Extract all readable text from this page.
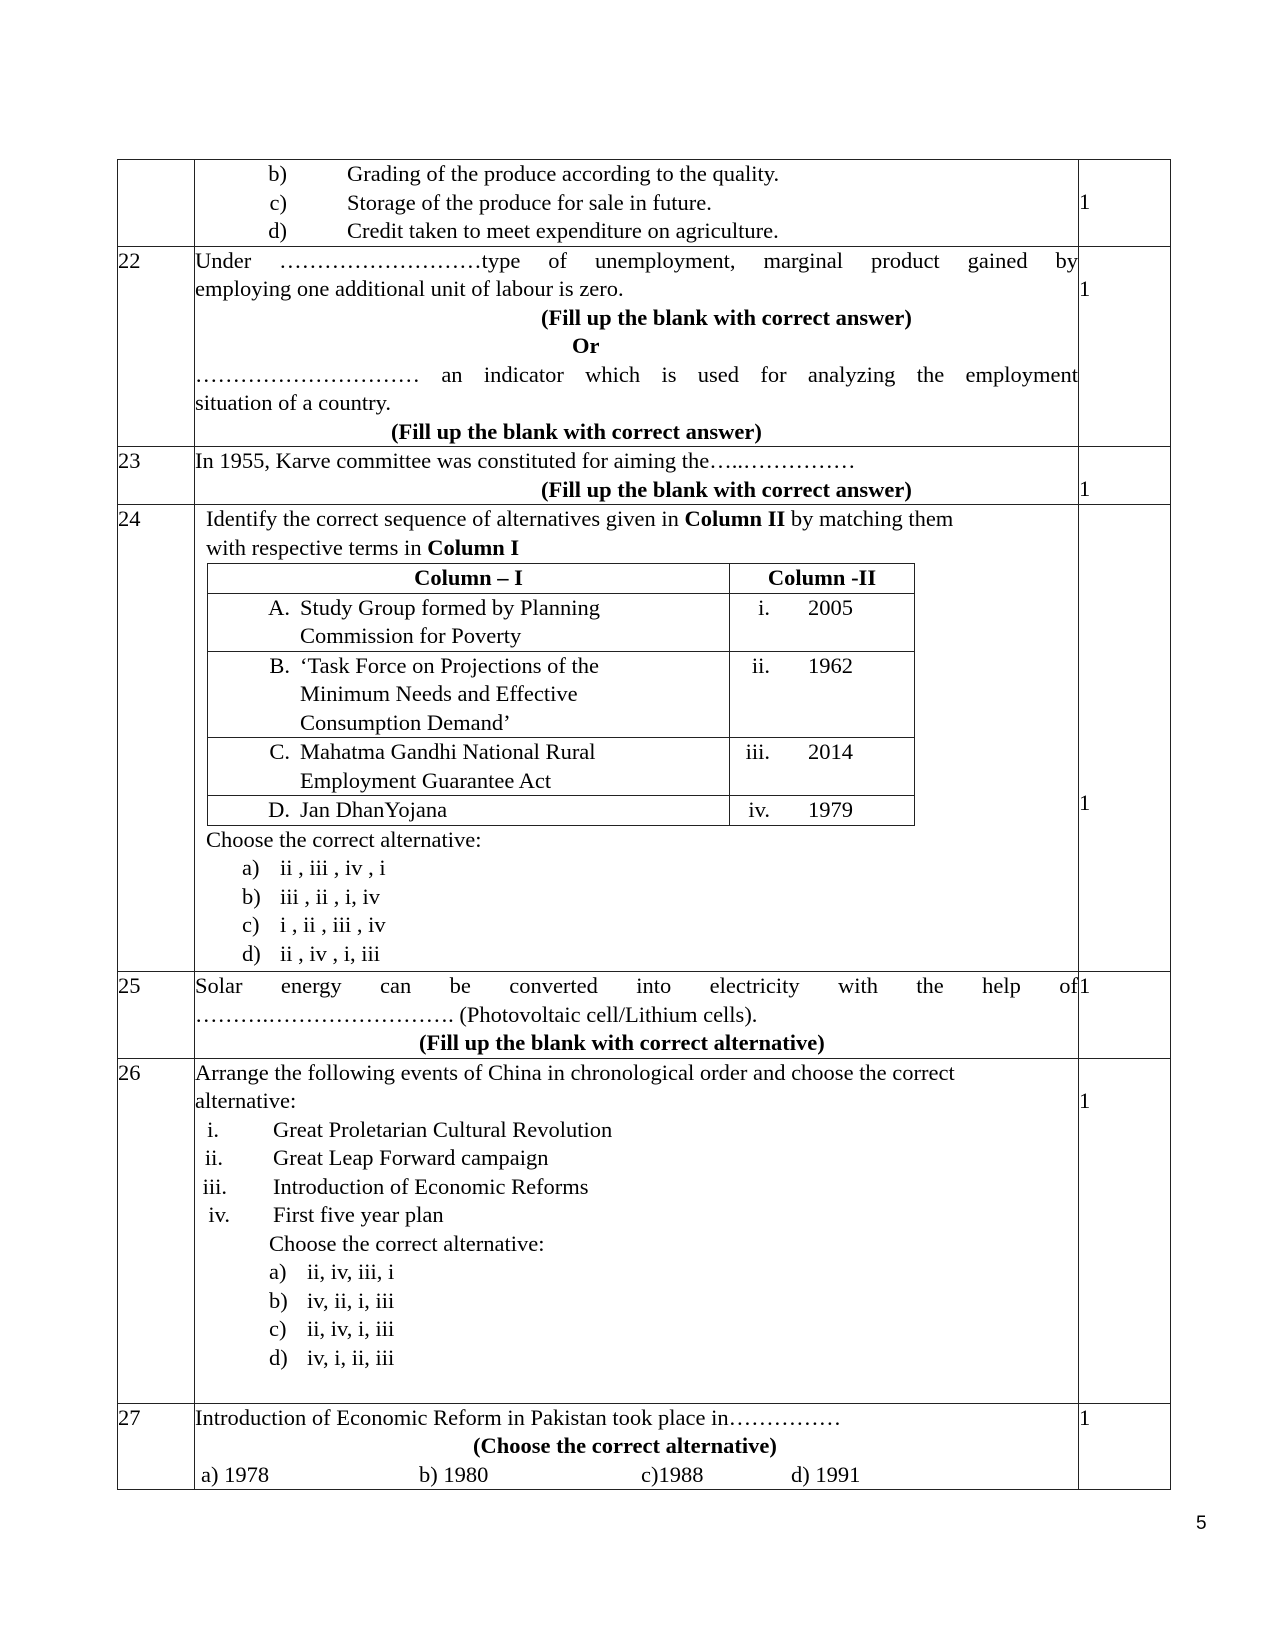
b)	Grading of the produce according to the quality.
c)	Storage of the produce for sale in future.
d)	Credit taken to meet expenditure on agriculture.

1

22	Under ………………………type of unemployment, marginal product gained by
employing one additional unit of labour is zero.
(Fill up the blank with correct answer)
Or
………………………… an indicator which is used for analyzing the employment
situation of a country.
(Fill up the blank with correct answer)

1

23	In 1955, Karve committee was constituted for aiming the…..……………
(Fill up the blank with correct answer)	1

24	Identify the correct sequence of alternatives given in Column II by matching them
with respective terms in Column I
Column – I	Column -II
A. Study Group formed by Planning
Commission for Poverty
	i. 2005
B. ‘Task Force on Projections of the
Minimum Needs and Effective
Consumption Demand’
	ii. 1962
C. Mahatma Gandhi National Rural
Employment Guarantee Act
	iii. 2014
D. Jan DhanYojana	iv. 1979
Choose the correct alternative:
a) ii , iii , iv , i
b) iii , ii , i, iv
c) i , ii , iii , iv
d) ii , iv , i, iii

1

25	Solar energy can be converted into electricity with the help of
……….……………………. (Photovoltaic cell/Lithium cells).
(Fill up the blank with correct alternative)

1

26	Arrange the following events of China in chronological order and choose the correct
alternative:
i.	Great Proletarian Cultural Revolution
ii.	Great Leap Forward campaign
iii.	Introduction of Economic Reforms
iv.	First five year plan
Choose the correct alternative:
a) ii, iv, iii, i
b) iv, ii, i, iii
c) ii, iv, i, iii
d) iv, i, ii, iii

1

27	Introduction of Economic Reform in Pakistan took place in……………
(Choose the correct alternative)
a) 1978	b) 1980	c)1988	d) 1991

1
5
